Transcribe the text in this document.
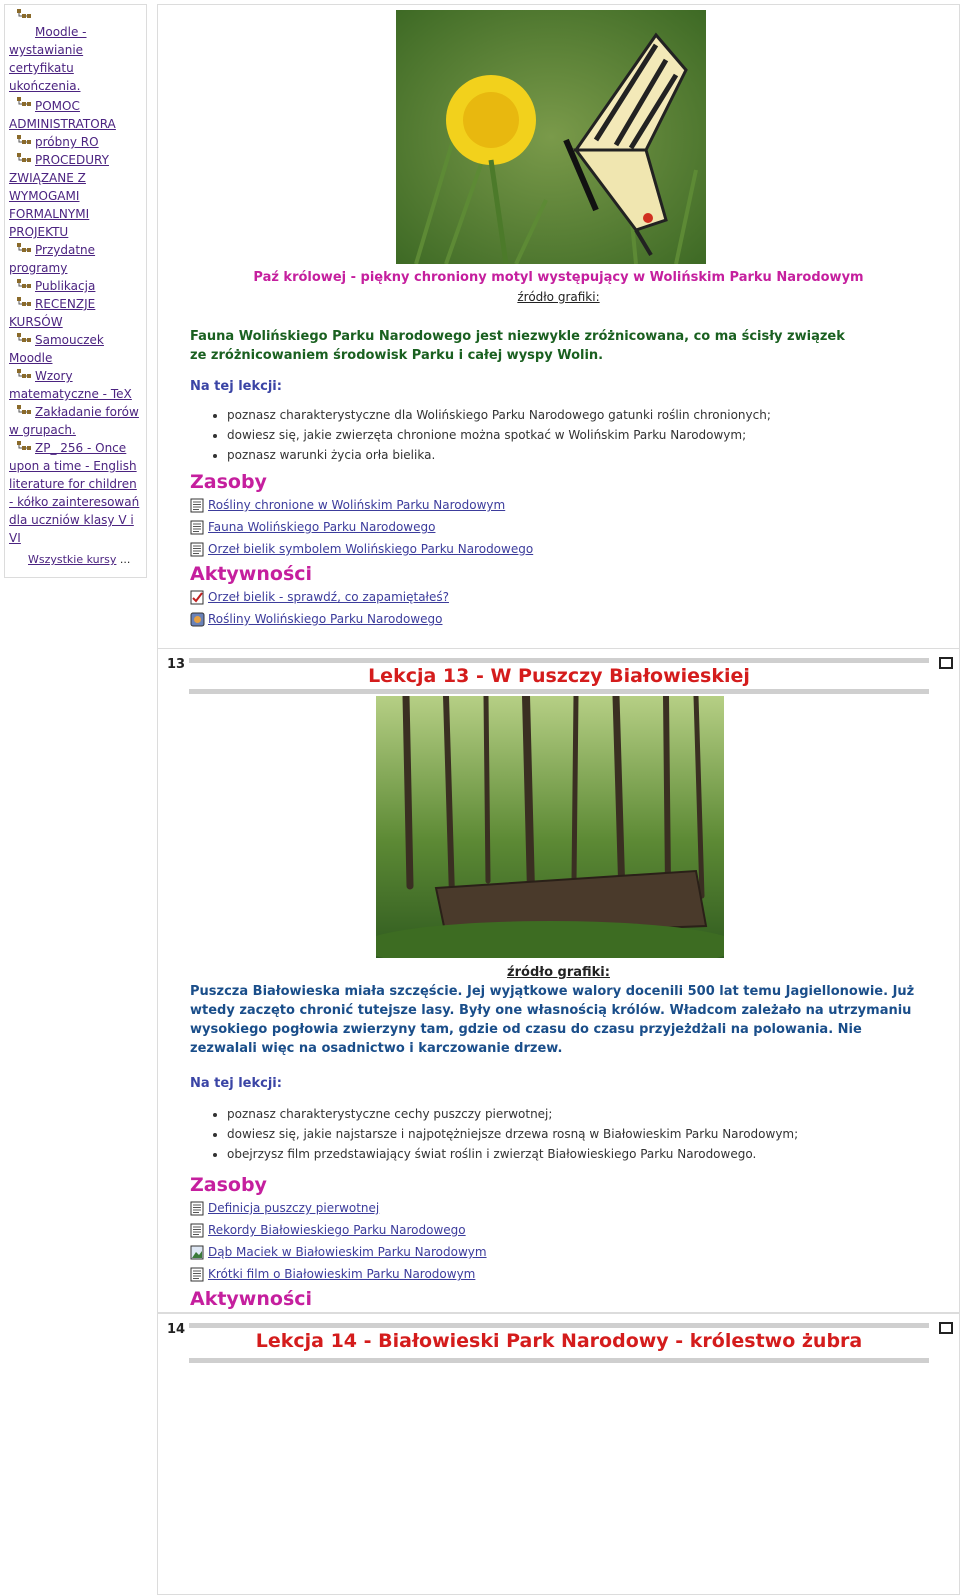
Moodle - wystawianie certyfikatu ukończenia.
POMOC ADMINISTRATORA
próbny RO
PROCEDURY ZWIĄZANE Z WYMOGAMI FORMALNYMI PROJEKTU
Przydatne programy
Publikacja
RECENZJE KURSÓW
Samouczek Moodle
Wzory matematyczne - TeX
Zakładanie forów w grupach.
ZP_ 256 - Once upon a time - English literature for children - kółko zainteresowań dla uczniów klasy V i VI
Wszystkie kursy ...
Paź królowej - piękny chroniony motyl występujący w Wolińskim Parku Narodowym
źródło grafiki:
Fauna Wolińskiego Parku Narodowego jest niezwykle zróżnicowana, co ma ścisły związek ze zróżnicowaniem środowisk Parku i całej wyspy Wolin.
Na tej lekcji:
• poznasz charakterystyczne dla Wolińskiego Parku Narodowego gatunki roślin chronionych;
• dowiesz się, jakie zwierzęta chronione można spotkać w Wolińskim Parku Narodowym;
• poznasz warunki życia orła bielika.
Zasoby
Rośliny chronione w Wolińskim Parku Narodowym
Fauna Wolińskiego Parku Narodowego
Orzeł bielik symbolem Wolińskiego Parku Narodowego
Aktywności
Orzeł bielik - sprawdź, co zapamiętałeś?
Rośliny Wolińskiego Parku Narodowego
13
Lekcja 13 - W Puszczy Białowieskiej
źródło grafiki:
Puszcza Białowieska miała szczęście. Jej wyjątkowe walory docenili 500 lat temu Jagiellonowie. Już wtedy zaczęto chronić tutejsze lasy. Były one własnością królów. Władcom zależało na utrzymaniu wysokiego pogłowia zwierzyny tam, gdzie od czasu do czasu przyjeżdżali na polowania. Nie zezwalali więc na osadnictwo i karczowanie drzew.
Na tej lekcji:
• poznasz charakterystyczne cechy puszczy pierwotnej;
• dowiesz się, jakie najstarsze i najpotężniejsze drzewa rosną w Białowieskim Parku Narodowym;
• obejrzysz film przedstawiający świat roślin i zwierząt Białowieskiego Parku Narodowego.
Zasoby
Definicja puszczy pierwotnej
Rekordy Białowieskiego Parku Narodowego
Dąb Maciek w Białowieskim Parku Narodowym
Krótki film o Białowieskim Parku Narodowym
Aktywności
14
Lekcja 14 - Białowieski Park Narodowy - królestwo żubra
